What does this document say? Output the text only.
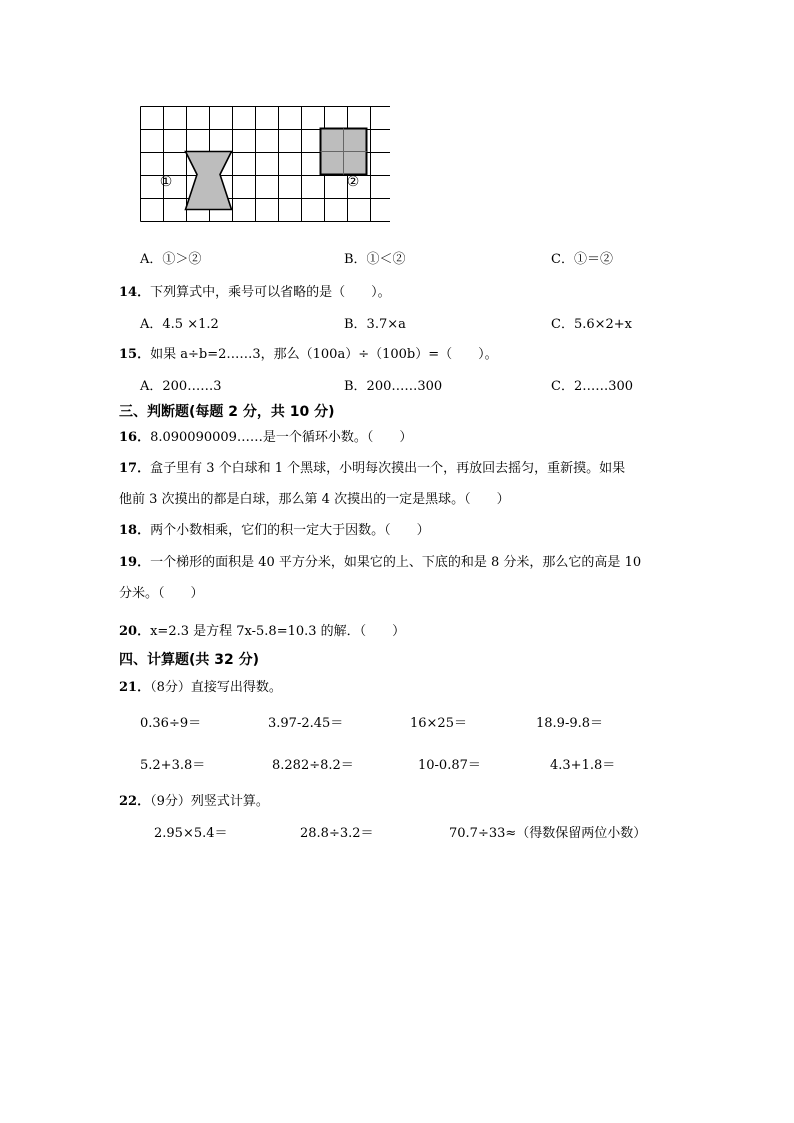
①	②
A．①＞②	B．①＜②	C．①＝②
14．下列算式中，乘号可以省略的是（　　）。
A．4.5 ×1.2	B．3.7×a	C．5.6×2+x
15．如果 a÷b=2……3，那么（100a）÷（100b）=（　　）。
A．200……3	B．200……300	C．2……300
三、判断题(每题 2 分，共 10 分)
16．8.090090009……是一个循环小数。（　　）
17．盒子里有 3 个白球和 1 个黑球，小明每次摸出一个，再放回去摇匀，重新摸。如果
他前 3 次摸出的都是白球，那么第 4 次摸出的一定是黑球。（　　）
18．两个小数相乘，它们的积一定大于因数。（　　）
19．一个梯形的面积是 40 平方分米，如果它的上、下底的和是 8 分米，那么它的高是 10
分米。（　　）
20．x=2.3 是方程 7x-5.8=10.3 的解．（　　）
四、计算题(共 32 分)
21．（8分）直接写出得数。
0.36÷9＝	3.97-2.45＝	16×25＝	18.9-9.8＝
5.2+3.8＝	8.282÷8.2＝	10-0.87＝	4.3+1.8＝
22．（9分）列竖式计算。
2.95×5.4＝	28.8÷3.2＝	70.7÷33≈（得数保留两位小数）
